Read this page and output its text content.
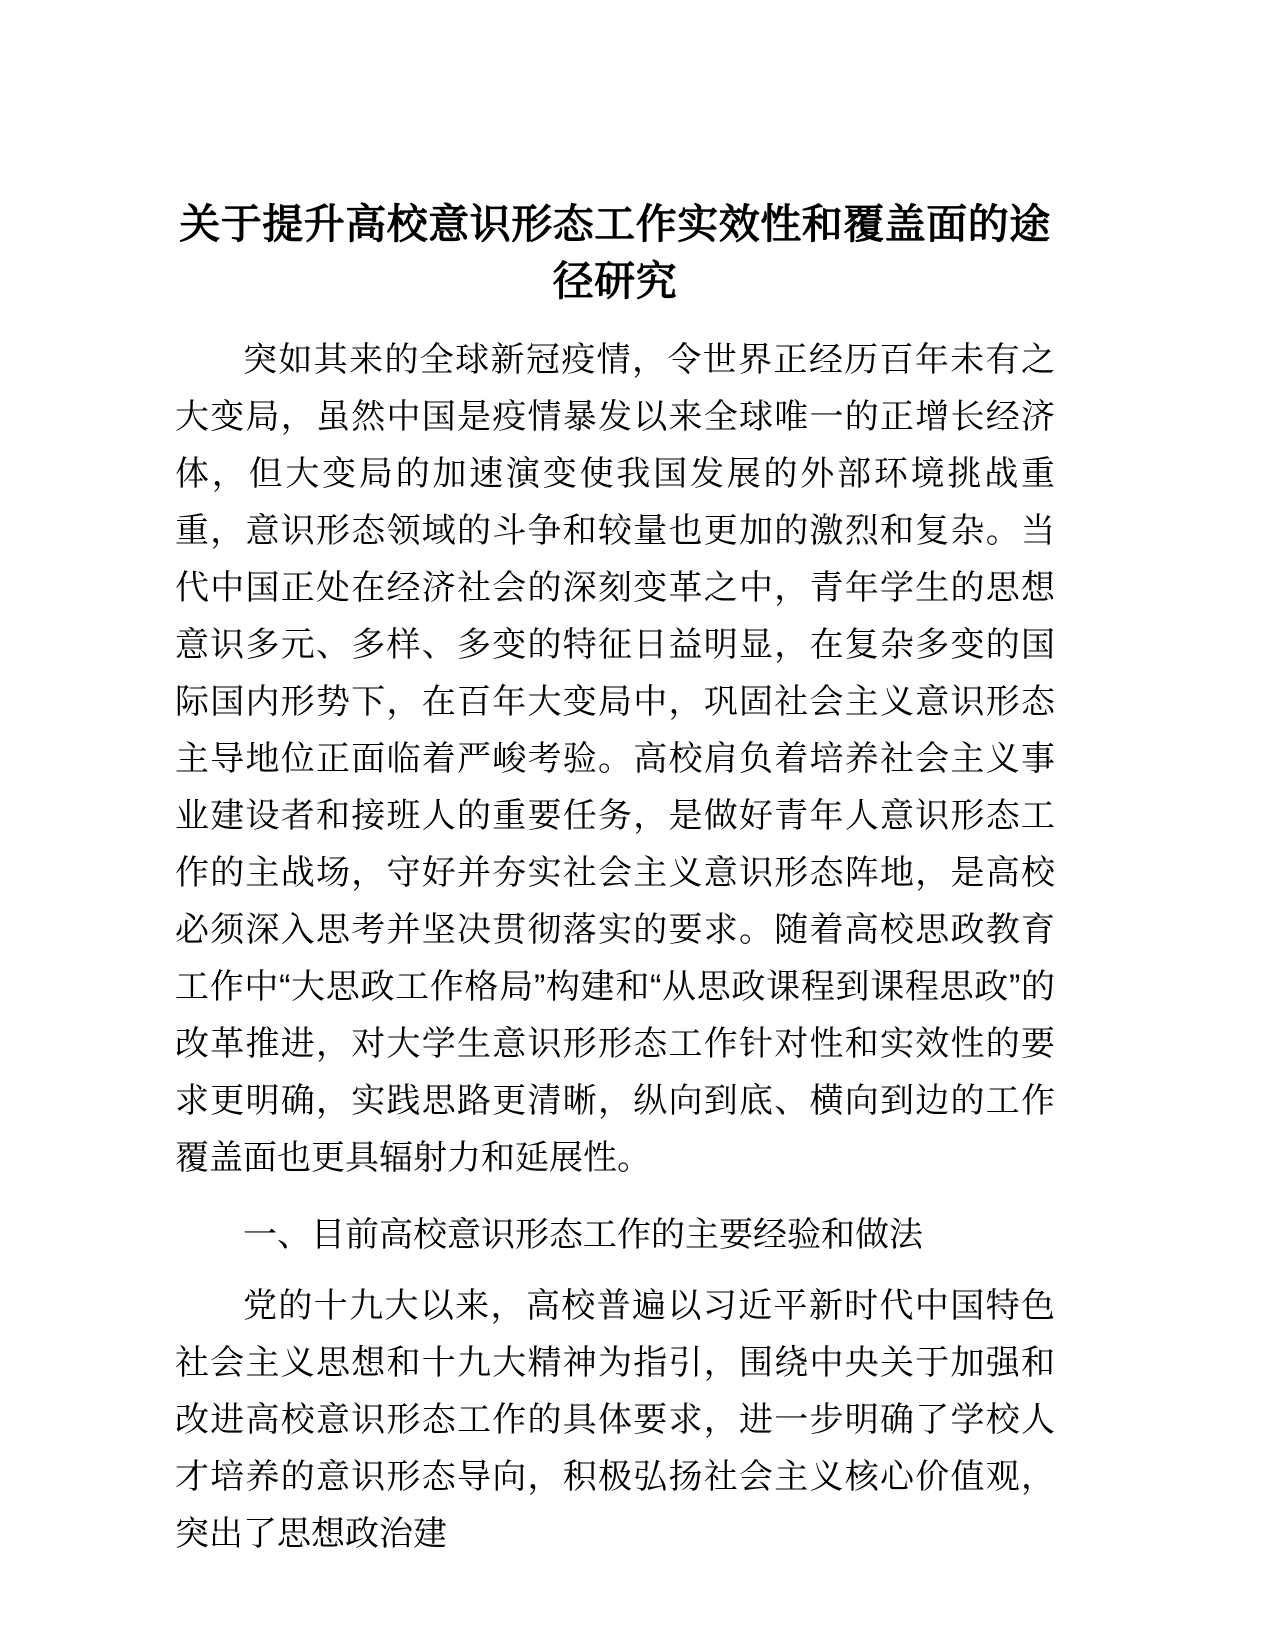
关于提升高校意识形态工作实效性和覆盖面的途径研究

突如其来的全球新冠疫情，令世界正经历百年未有之大变局，虽然中国是疫情暴发以来全球唯一的正增长经济体，但大变局的加速演变使我国发展的外部环境挑战重重，意识形态领域的斗争和较量也更加的激烈和复杂。当代中国正处在经济社会的深刻变革之中，青年学生的思想意识多元、多样、多变的特征日益明显，在复杂多变的国际国内形势下，在百年大变局中，巩固社会主义意识形态主导地位正面临着严峻考验。高校肩负着培养社会主义事业建设者和接班人的重要任务，是做好青年人意识形态工作的主战场，守好并夯实社会主义意识形态阵地，是高校必须深入思考并坚决贯彻落实的要求。随着高校思政教育工作中“大思政工作格局”构建和“从思政课程到课程思政”的改革推进，对大学生意识形形态工作针对性和实效性的要求更明确，实践思路更清晰，纵向到底、横向到边的工作覆盖面也更具辐射力和延展性。

一、目前高校意识形态工作的主要经验和做法

党的十九大以来，高校普遍以习近平新时代中国特色社会主义思想和十九大精神为指引，围绕中央关于加强和改进高校意识形态工作的具体要求，进一步明确了学校人才培养的意识形态导向，积极弘扬社会主义核心价值观，突出了思想政治建
